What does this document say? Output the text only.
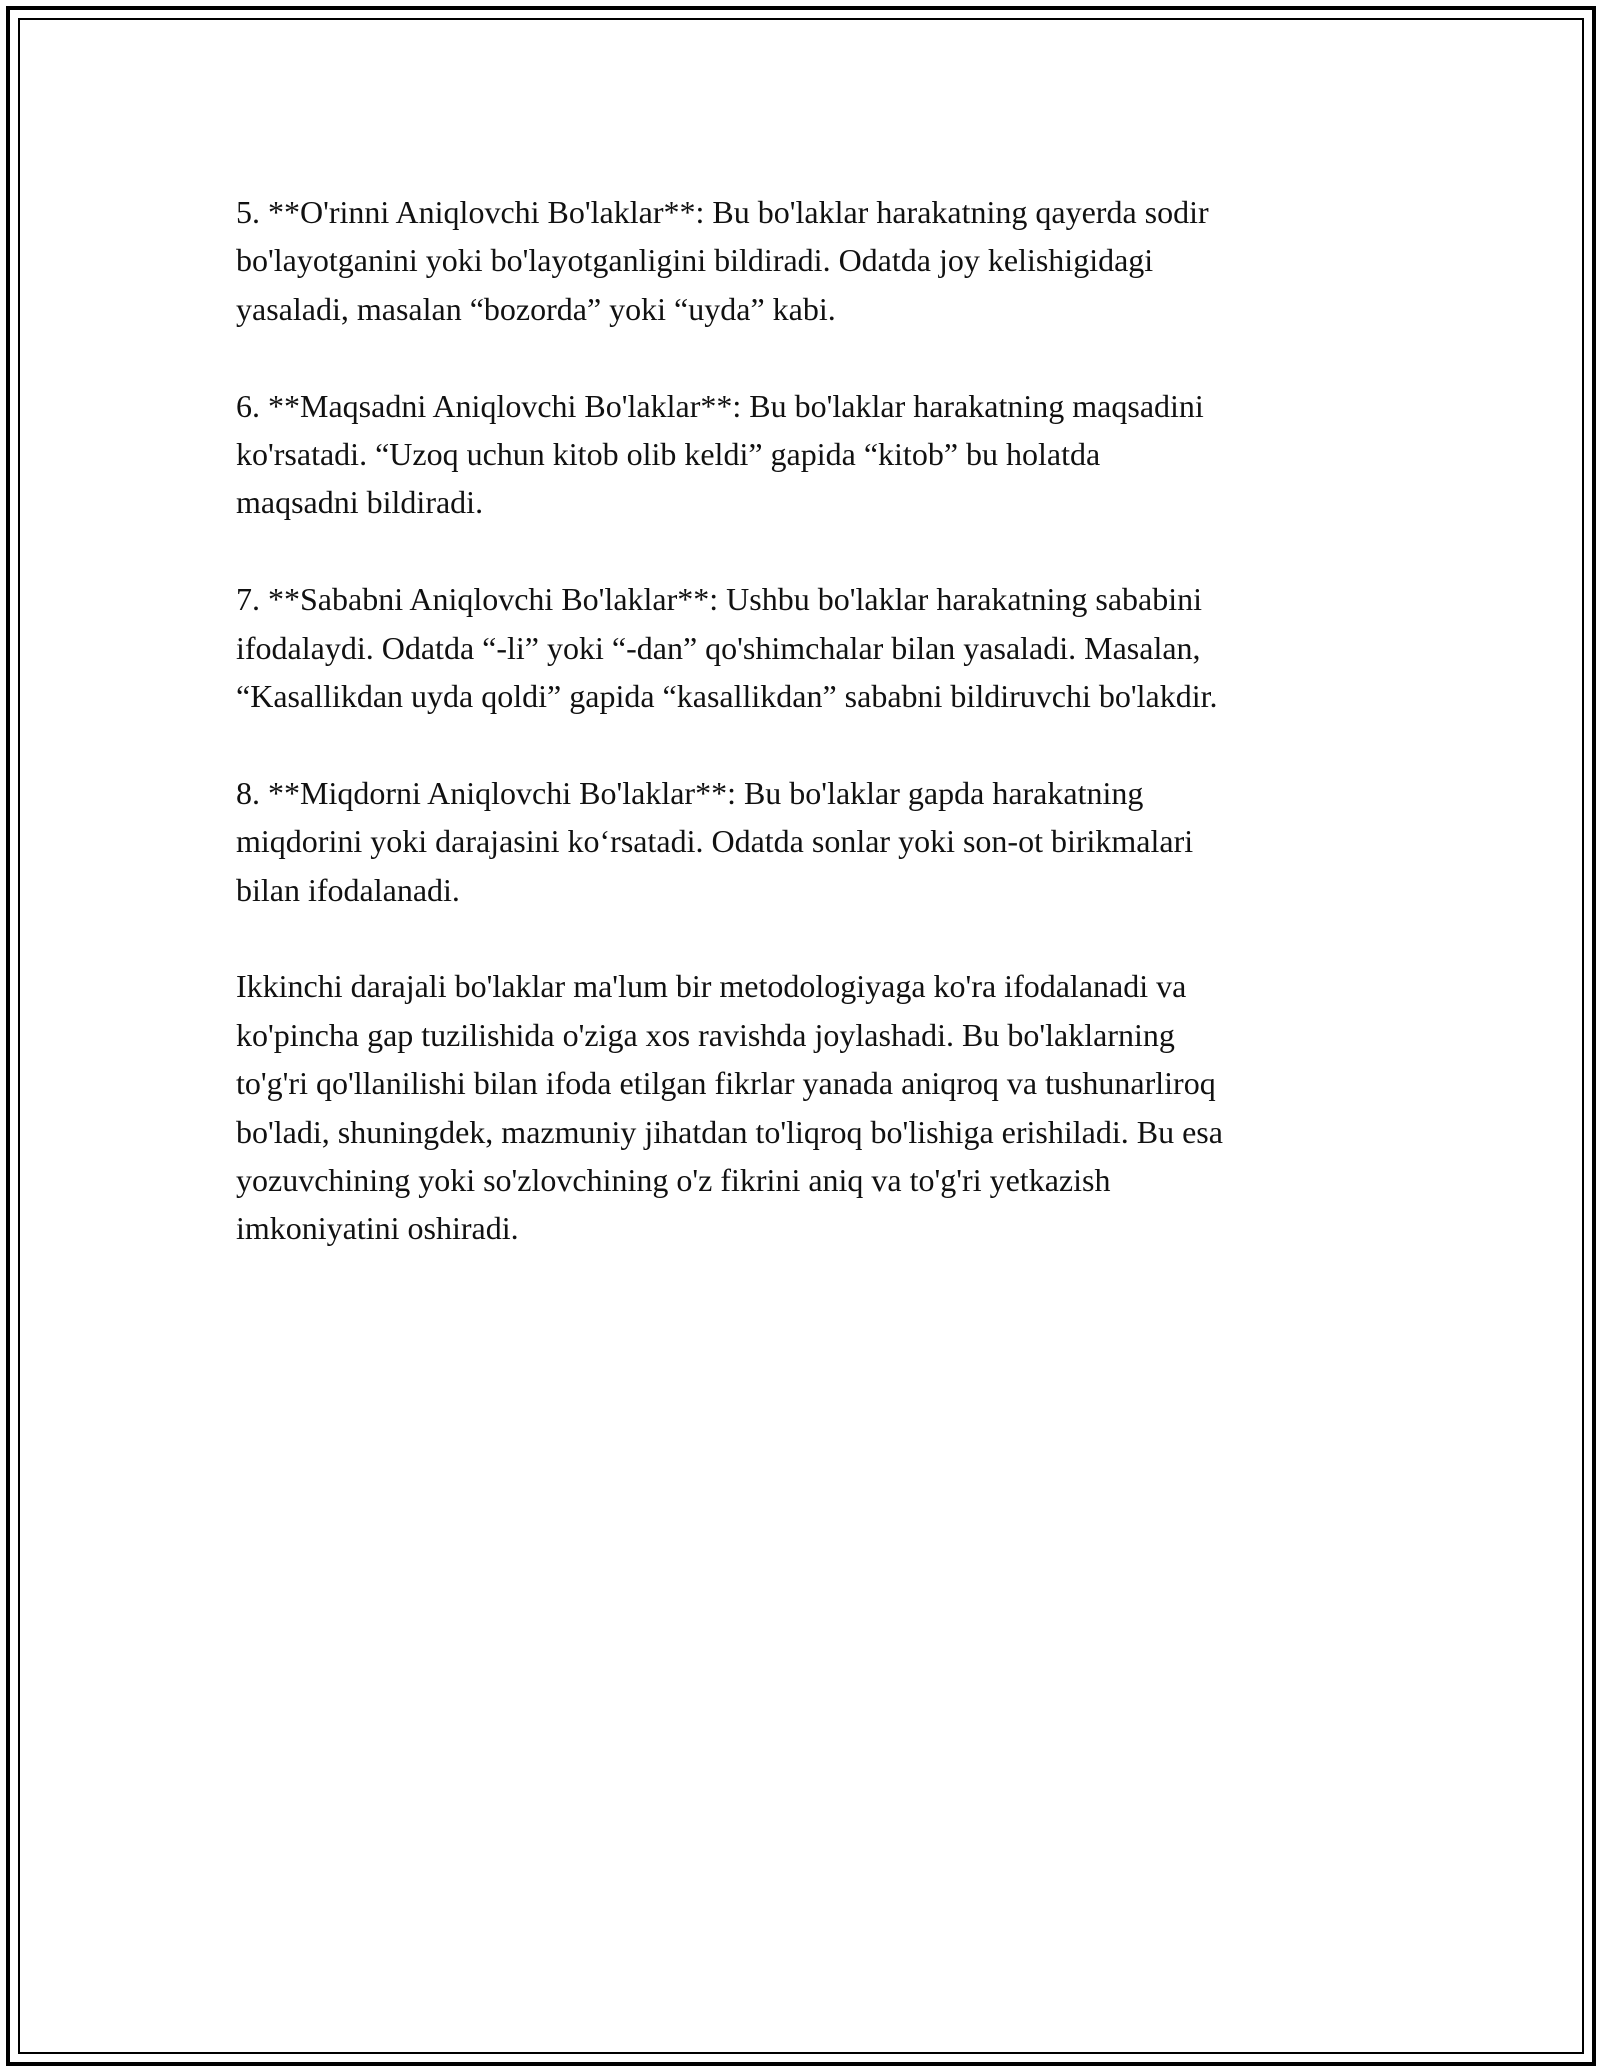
5. **O'rinni Aniqlovchi Bo'laklar**: Bu bo'laklar harakatning qayerda sodir
bo'layotganini yoki bo'layotganligini bildiradi. Odatda joy kelishigidagi
yasaladi, masalan “bozorda” yoki “uyda” kabi.

6. **Maqsadni Aniqlovchi Bo'laklar**: Bu bo'laklar harakatning maqsadini
ko'rsatadi. “Uzoq uchun kitob olib keldi” gapida “kitob” bu holatda
maqsadni bildiradi.

7. **Sababni Aniqlovchi Bo'laklar**: Ushbu bo'laklar harakatning sababini
ifodalaydi. Odatda “-li” yoki “-dan” qo'shimchalar bilan yasaladi. Masalan,
“Kasallikdan uyda qoldi” gapida “kasallikdan” sababni bildiruvchi bo'lakdir.

8. **Miqdorni Aniqlovchi Bo'laklar**: Bu bo'laklar gapda harakatning
miqdorini yoki darajasini ko‘rsatadi. Odatda sonlar yoki son-ot birikmalari
bilan ifodalanadi.

Ikkinchi darajali bo'laklar ma'lum bir metodologiyaga ko'ra ifodalanadi va
ko'pincha gap tuzilishida o'ziga xos ravishda joylashadi. Bu bo'laklarning
to'g'ri qo'llanilishi bilan ifoda etilgan fikrlar yanada aniqroq va tushunarliroq
bo'ladi, shuningdek, mazmuniy jihatdan to'liqroq bo'lishiga erishiladi. Bu esa
yozuvchining yoki so'zlovchining o'z fikrini aniq va to'g'ri yetkazish
imkoniyatini oshiradi.
